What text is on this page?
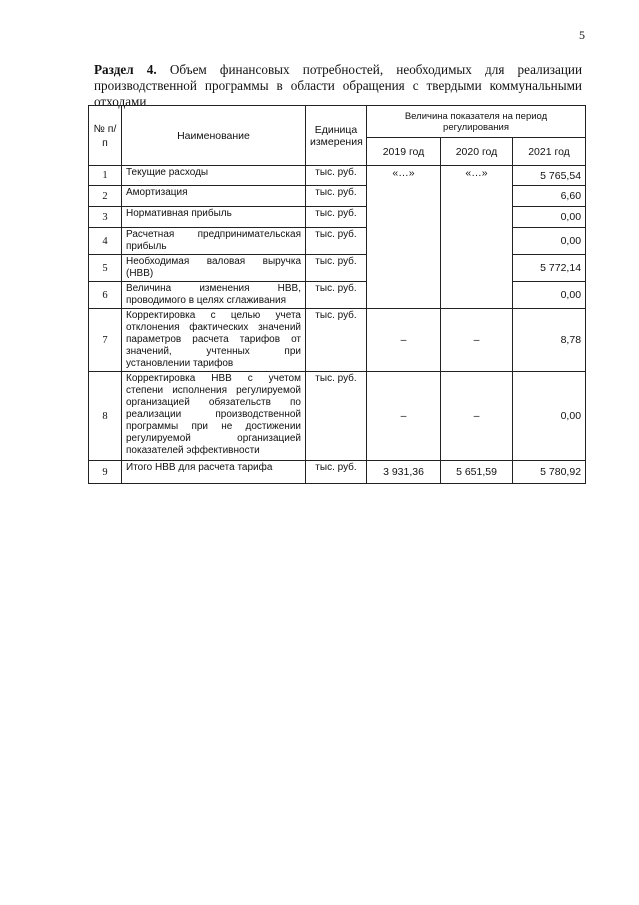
5
Раздел 4. Объем финансовых потребностей, необходимых для реализации производственной программы в области обращения с твердыми коммунальными отходами
№ п/п	Наименование	Единица измерения	Величина показателя на период регулирования		
			2019 год	2020 год	2021 год
1	Текущие расходы	тыс. руб.	«…»	«…»	5 765,54
2	Амортизация	тыс. руб.			6,60
3	Нормативная прибыль	тыс. руб.			0,00
4	Расчетная предпринимательская прибыль	тыс. руб.			0,00
5	Необходимая валовая выручка (НВВ)	тыс. руб.			5 772,14
6	Величина изменения НВВ, проводимого в целях сглаживания	тыс. руб.			0,00
7	Корректировка с целью учета отклонения фактических значений параметров расчета тарифов от значений, учтенных при установлении тарифов	тыс. руб.	–	–	8,78
8	Корректировка НВВ с учетом степени исполнения регулируемой организацией обязательств по реализации производственной программы при не достижении регулируемой организацией показателей эффективности	тыс. руб.	–	–	0,00
9	Итого НВВ для расчета тарифа	тыс. руб.	3 931,36	5 651,59	5 780,92
